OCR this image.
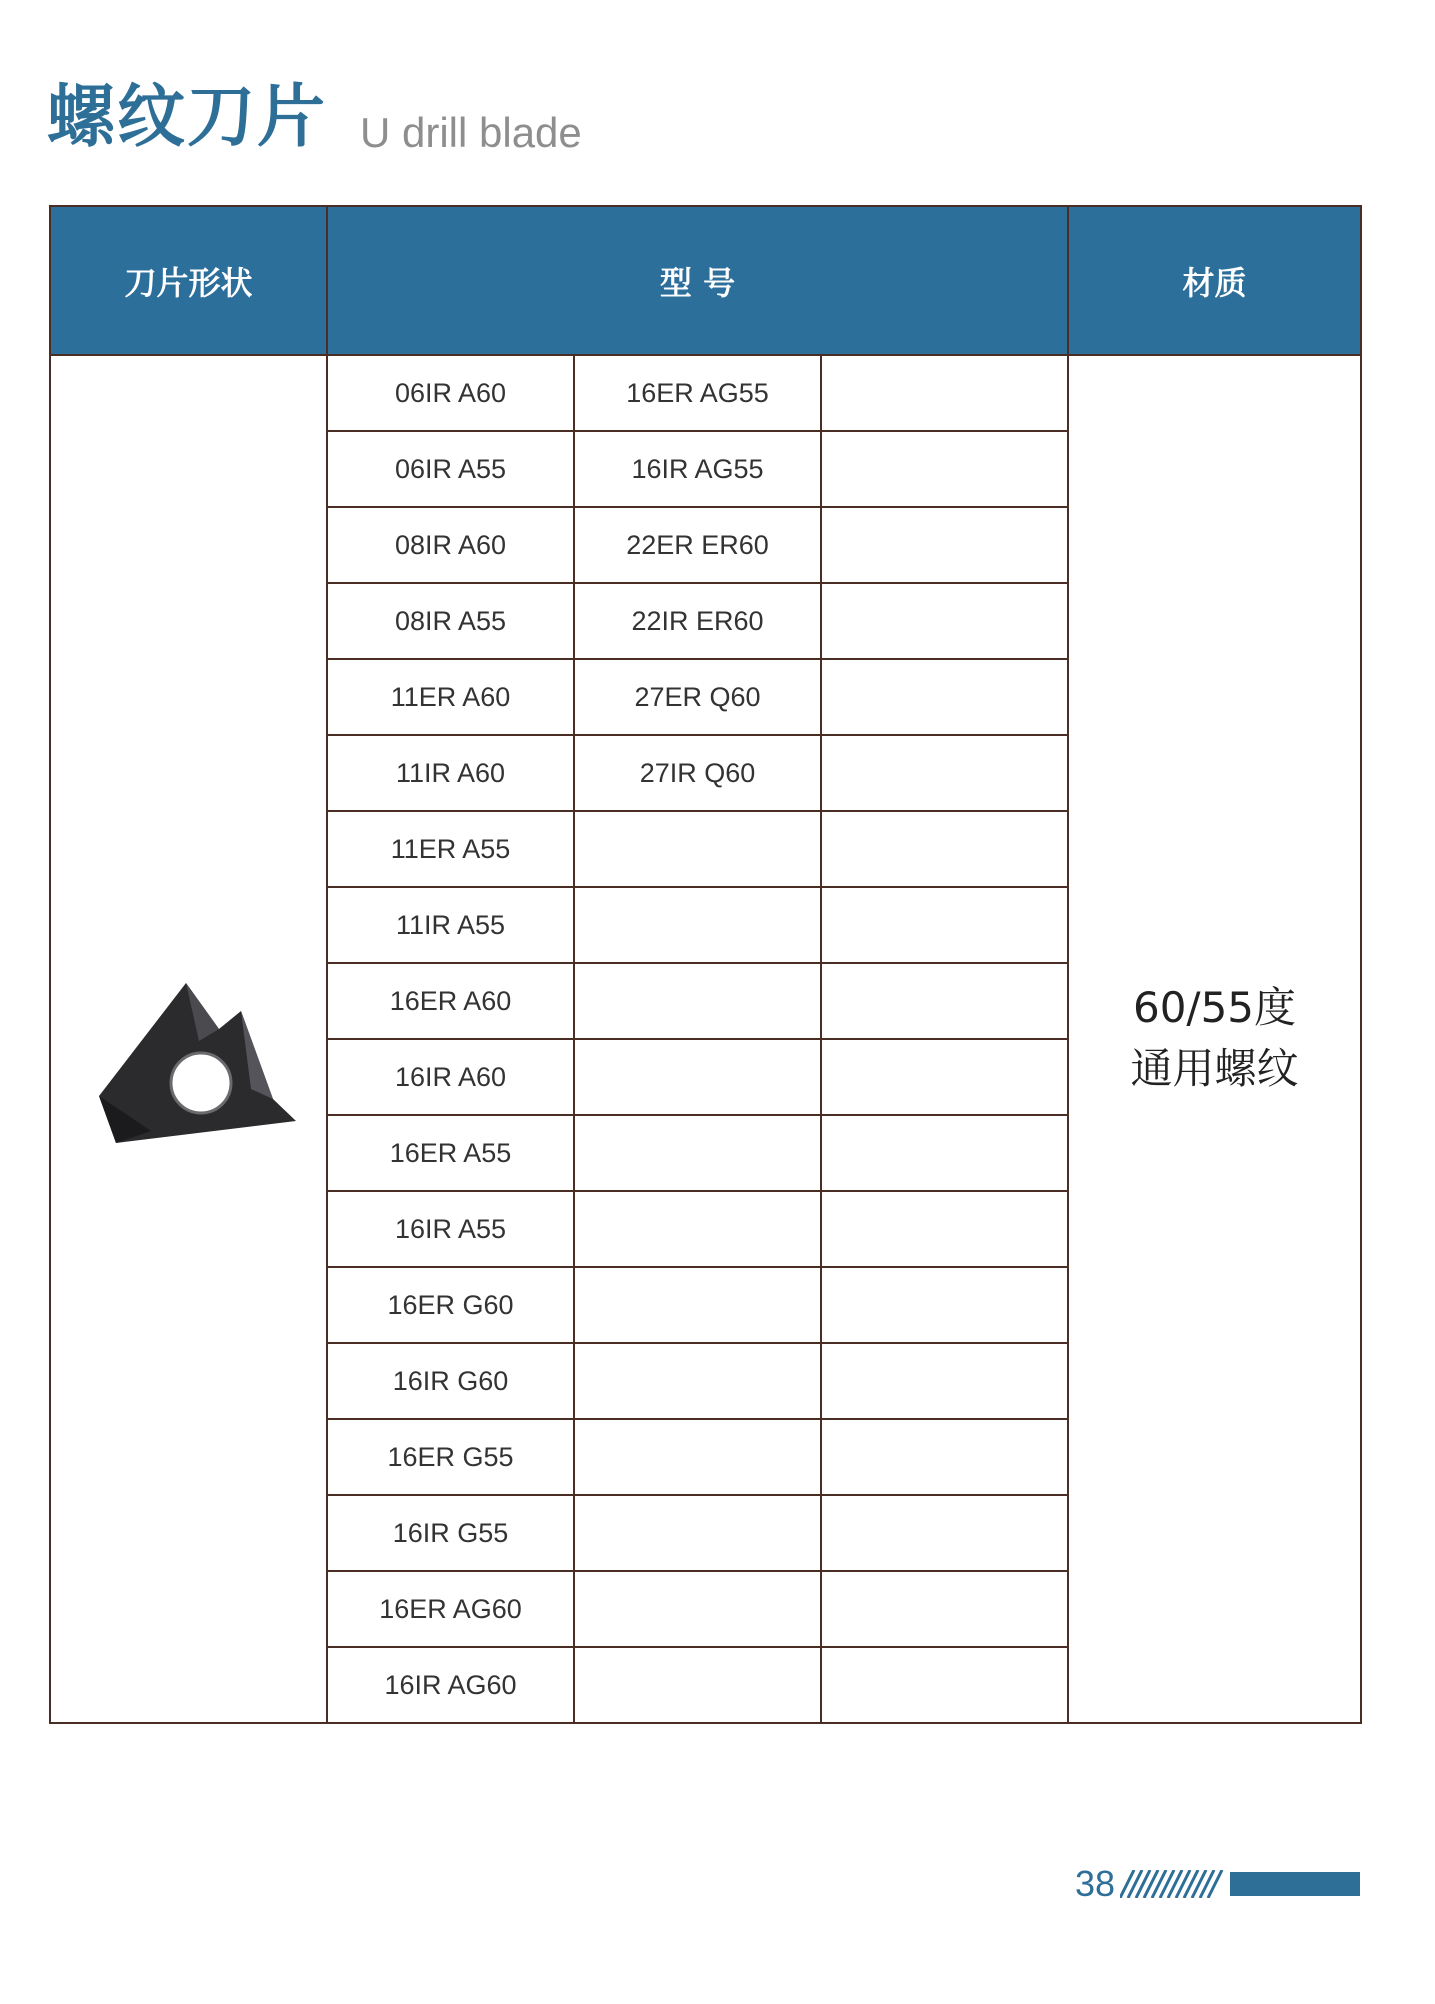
螺纹刀片 U drill blade
刀片形状	型 号			材质

	06IR A60	16ER AG55		60/55度
通用螺纹

	06IR A55	16IR AG55		
	08IR A60	22ER ER60		
	08IR A55	22IR ER60		
	11ER A60	27ER Q60		
	11IR A60	27IR Q60		
	11ER A55			
	11IR A55			
	16ER A60			
	16IR A60			
	16ER A55			
	16IR A55			
	16ER G60			
	16IR G60			
	16ER G55			
	16IR G55			
	16ER AG60			
	16IR AG60			
38
